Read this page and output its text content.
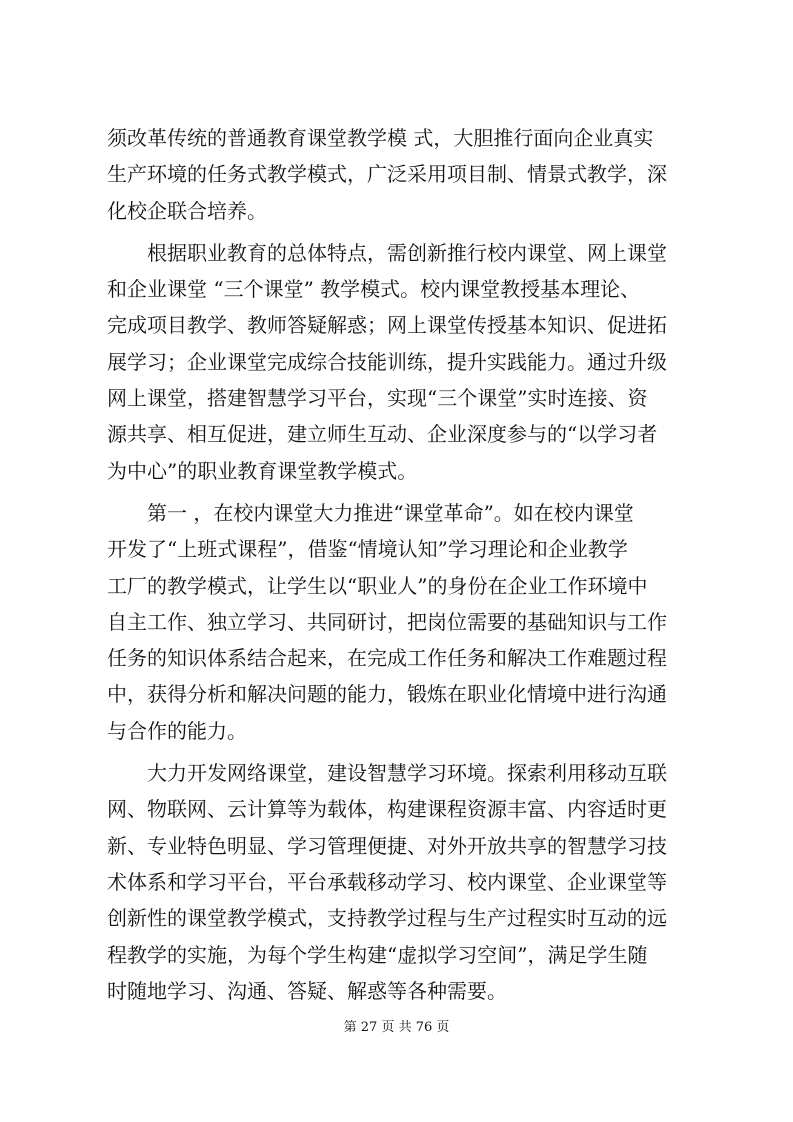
须改革传统的普通教育课堂教学模 式，大胆推行面向企业真实
生产环境的任务式教学模式，广泛采用项目制、情景式教学，深
化校企联合培养。
　　根据职业教育的总体特点，需创新推行校内课堂、网上课堂
和企业课堂 “三个课堂” 教学模式。校内课堂教授基本理论、
完成项目教学、教师答疑解惑；网上课堂传授基本知识、促进拓
展学习；企业课堂完成综合技能训练，提升实践能力。通过升级
网上课堂，搭建智慧学习平台，实现“三个课堂”实时连接、资
源共享、相互促进，建立师生互动、企业深度参与的“以学习者
为中心”的职业教育课堂教学模式。
　　第一 ，在校内课堂大力推进“课堂革命”。如在校内课堂
开发了“上班式课程”，借鉴“情境认知”学习理论和企业教学
工厂的教学模式，让学生以“职业人”的身份在企业工作环境中
自主工作、独立学习、共同研讨，把岗位需要的基础知识与工作
任务的知识体系结合起来，在完成工作任务和解决工作难题过程
中，获得分析和解决问题的能力，锻炼在职业化情境中进行沟通
与合作的能力。
　　大力开发网络课堂，建设智慧学习环境。探索利用移动互联
网、物联网、云计算等为载体，构建课程资源丰富、内容适时更
新、专业特色明显、学习管理便捷、对外开放共享的智慧学习技
术体系和学习平台，平台承载移动学习、校内课堂、企业课堂等
创新性的课堂教学模式，支持教学过程与生产过程实时互动的远
程教学的实施，为每个学生构建“虚拟学习空间”，满足学生随
时随地学习、沟通、答疑、解惑等各种需要。
第 27 页 共 76 页
